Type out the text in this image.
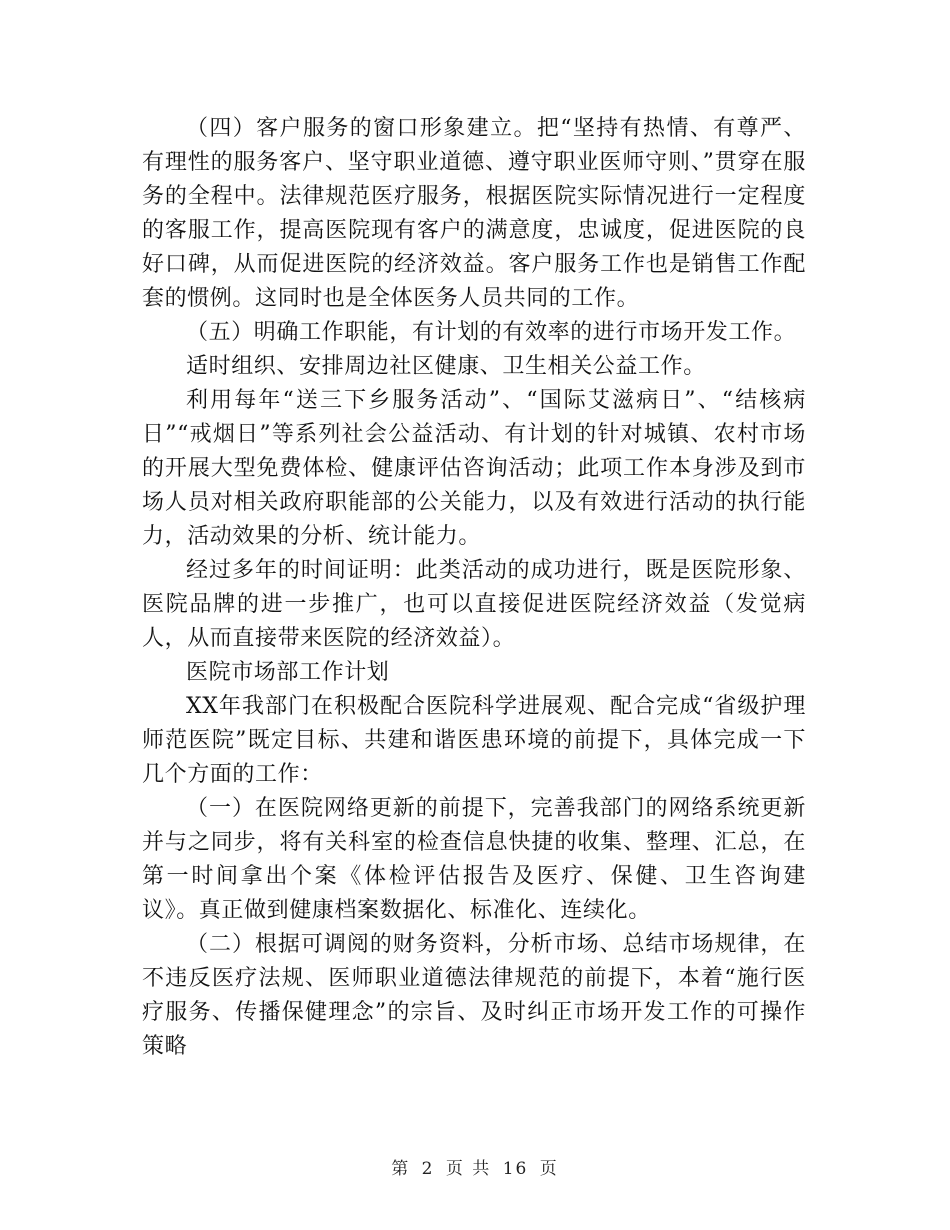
（四）客户服务的窗口形象建立。把“坚持有热情、有尊严、有理性的服务客户、坚守职业道德、遵守职业医师守则、”贯穿在服务的全程中。法律规范医疗服务，根据医院实际情况进行一定程度的客服工作，提高医院现有客户的满意度，忠诚度，促进医院的良好口碑，从而促进医院的经济效益。客户服务工作也是销售工作配套的惯例。这同时也是全体医务人员共同的工作。

（五）明确工作职能，有计划的有效率的进行市场开发工作。

适时组织、安排周边社区健康、卫生相关公益工作。

利用每年“送三下乡服务活动”、“国际艾滋病日”、“结核病日”“戒烟日”等系列社会公益活动、有计划的针对城镇、农村市场的开展大型免费体检、健康评估咨询活动；此项工作本身涉及到市场人员对相关政府职能部的公关能力，以及有效进行活动的执行能力，活动效果的分析、统计能力。

经过多年的时间证明：此类活动的成功进行，既是医院形象、医院品牌的进一步推广，也可以直接促进医院经济效益（发觉病人，从而直接带来医院的经济效益）。

医院市场部工作计划

XX年我部门在积极配合医院科学进展观、配合完成“省级护理师范医院”既定目标、共建和谐医患环境的前提下，具体完成一下几个方面的工作：

（一）在医院网络更新的前提下，完善我部门的网络系统更新并与之同步，将有关科室的检查信息快捷的收集、整理、汇总，在第一时间拿出个案《体检评估报告及医疗、保健、卫生咨询建议》。真正做到健康档案数据化、标准化、连续化。

（二）根据可调阅的财务资料，分析市场、总结市场规律，在不违反医疗法规、医师职业道德法律规范的前提下，本着“施行医疗服务、传播保健理念”的宗旨、及时纠正市场开发工作的可操作策略

第 2 页 共 16 页
